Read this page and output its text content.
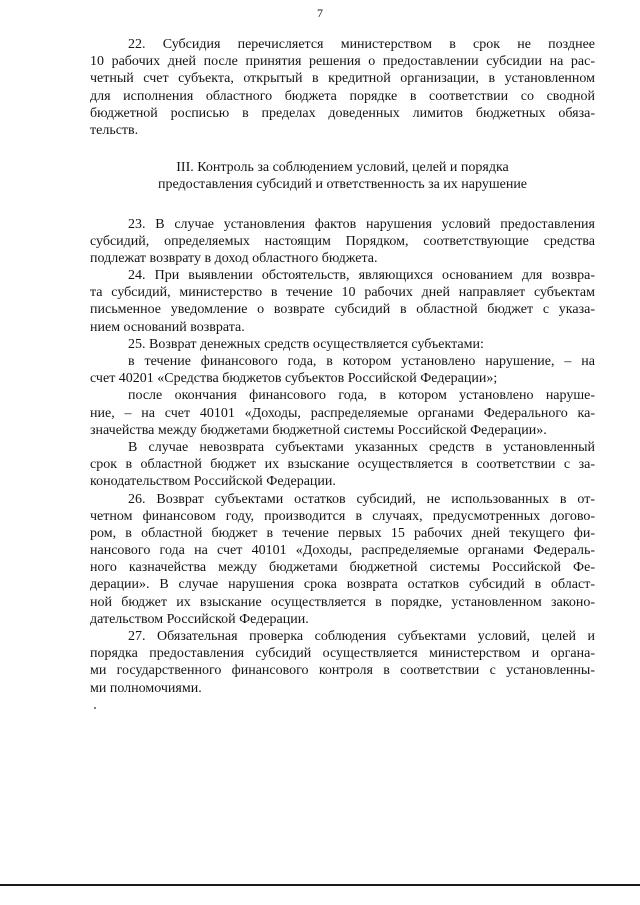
7
22. Субсидия перечисляется министерством в срок не позднее
10 рабочих дней после принятия решения о предоставлении субсидии на рас-
четный счет субъекта, открытый в кредитной организации, в установленном
для исполнения областного бюджета порядке в соответствии со сводной
бюджетной росписью в пределах доведенных лимитов бюджетных обяза-
тельств.
III. Контроль за соблюдением условий, целей и порядка
предоставления субсидий и ответственность за их нарушение
23. В случае установления фактов нарушения условий предоставления
субсидий, определяемых настоящим Порядком, соответствующие средства
подлежат возврату в доход областного бюджета.
24. При выявлении обстоятельств, являющихся основанием для возвра-
та субсидий, министерство в течение 10 рабочих дней направляет субъектам
письменное уведомление о возврате субсидий в областной бюджет с указа-
нием оснований возврата.
25. Возврат денежных средств осуществляется субъектами:
в течение финансового года, в котором установлено нарушение, – на
счет 40201 «Средства бюджетов субъектов Российской Федерации»;
после окончания финансового года, в котором установлено наруше-
ние, – на счет 40101 «Доходы, распределяемые органами Федерального ка-
значейства между бюджетами бюджетной системы Российской Федерации».
В случае невозврата субъектами указанных средств в установленный
срок в областной бюджет их взыскание осуществляется в соответствии с за-
конодательством Российской Федерации.
26. Возврат субъектами остатков субсидий, не использованных в от-
четном финансовом году, производится в случаях, предусмотренных догово-
ром, в областной бюджет в течение первых 15 рабочих дней текущего фи-
нансового года на счет 40101 «Доходы, распределяемые органами Федераль-
ного казначейства между бюджетами бюджетной системы Российской Фе-
дерации». В случае нарушения срока возврата остатков субсидий в област-
ной бюджет их взыскание осуществляется в порядке, установленном законо-
дательством Российской Федерации.
27. Обязательная проверка соблюдения субъектами условий, целей и
порядка предоставления субсидий осуществляется министерством и органа-
ми государственного финансового контроля в соответствии с установленны-
ми полномочиями.
